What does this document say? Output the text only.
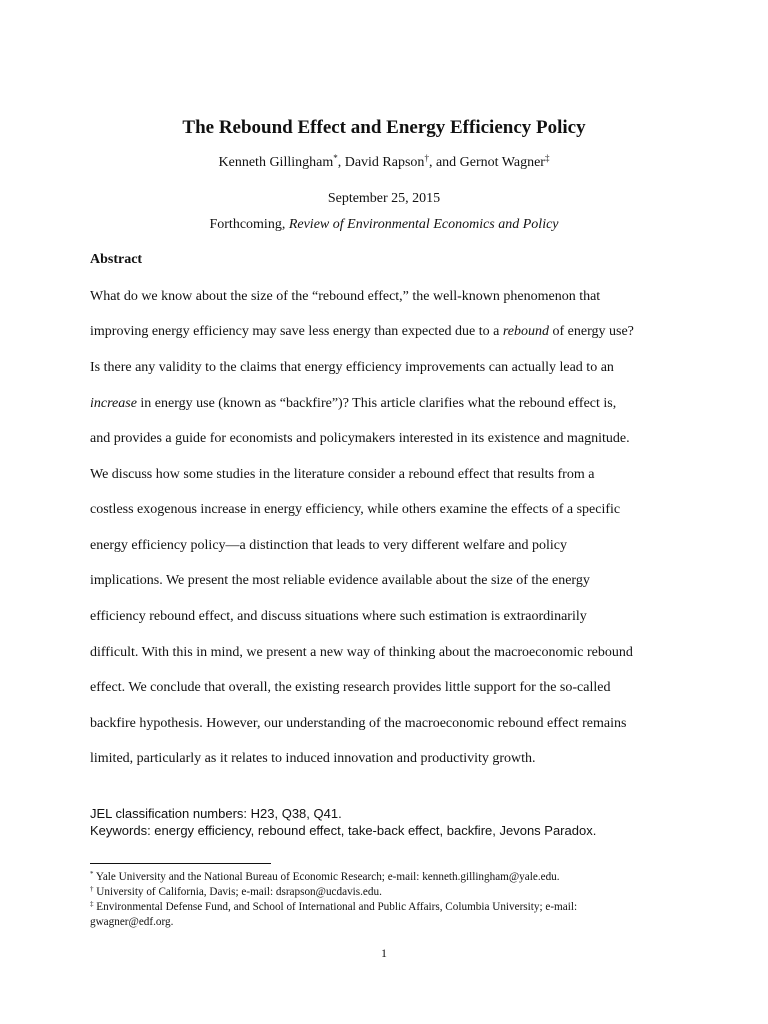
The Rebound Effect and Energy Efficiency Policy
Kenneth Gillingham*, David Rapson†, and Gernot Wagner‡
September 25, 2015
Forthcoming, Review of Environmental Economics and Policy
Abstract
What do we know about the size of the “rebound effect,” the well-known phenomenon that
improving energy efficiency may save less energy than expected due to a rebound of energy use?
Is there any validity to the claims that energy efficiency improvements can actually lead to an
increase in energy use (known as “backfire”)? This article clarifies what the rebound effect is,
and provides a guide for economists and policymakers interested in its existence and magnitude.
We discuss how some studies in the literature consider a rebound effect that results from a
costless exogenous increase in energy efficiency, while others examine the effects of a specific
energy efficiency policy—a distinction that leads to very different welfare and policy
implications. We present the most reliable evidence available about the size of the energy
efficiency rebound effect, and discuss situations where such estimation is extraordinarily
difficult. With this in mind, we present a new way of thinking about the macroeconomic rebound
effect. We conclude that overall, the existing research provides little support for the so-called
backfire hypothesis. However, our understanding of the macroeconomic rebound effect remains
limited, particularly as it relates to induced innovation and productivity growth.
JEL classification numbers: H23, Q38, Q41.
Keywords: energy efficiency, rebound effect, take-back effect, backfire, Jevons Paradox.
* Yale University and the National Bureau of Economic Research; e-mail: kenneth.gillingham@yale.edu.
† University of California, Davis; e-mail: dsrapson@ucdavis.edu.
‡ Environmental Defense Fund, and School of International and Public Affairs, Columbia University; e-mail:
gwagner@edf.org.
1
